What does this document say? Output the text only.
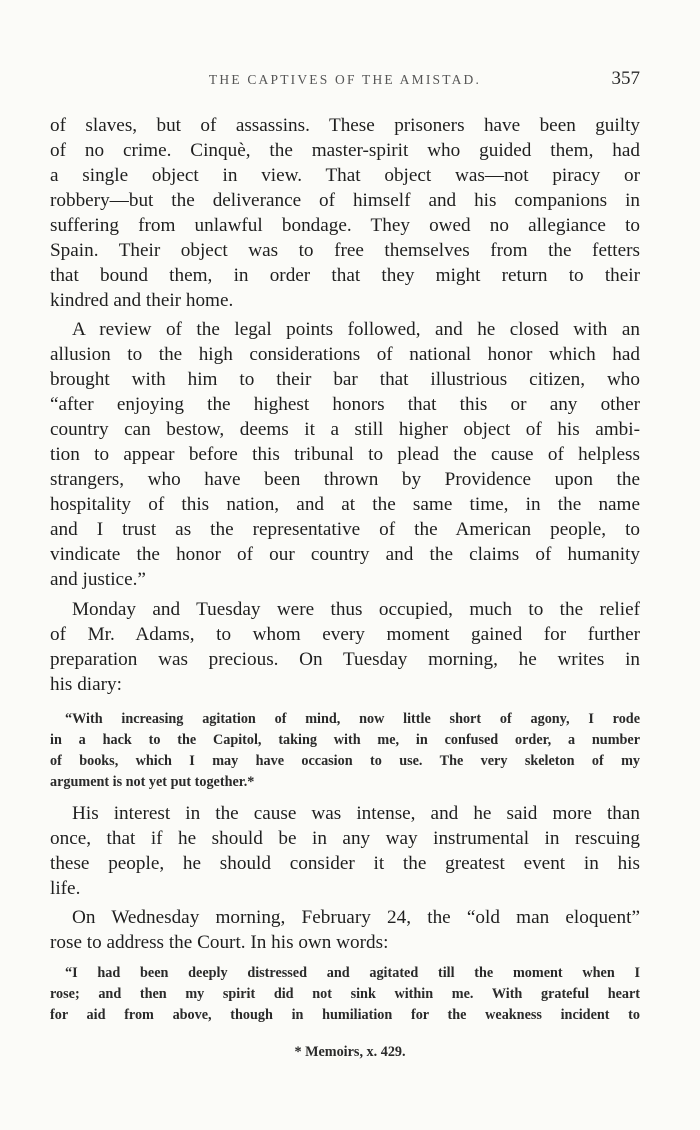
THE CAPTIVES OF THE AMISTAD.	357
of slaves, but of assassins. These prisoners have been guilty
of no crime. Cinquè, the master-spirit who guided them, had
a single object in view. That object was—not piracy or
robbery—but the deliverance of himself and his companions in
suffering from unlawful bondage. They owed no allegiance to
Spain. Their object was to free themselves from the fetters
that bound them, in order that they might return to their
kindred and their home.
A review of the legal points followed, and he closed with an
allusion to the high considerations of national honor which had
brought with him to their bar that illustrious citizen, who
“after enjoying the highest honors that this or any other
country can bestow, deems it a still higher object of his ambi-
tion to appear before this tribunal to plead the cause of helpless
strangers, who have been thrown by Providence upon the
hospitality of this nation, and at the same time, in the name
and I trust as the representative of the American people, to
vindicate the honor of our country and the claims of humanity
and justice.”
Monday and Tuesday were thus occupied, much to the relief
of Mr. Adams, to whom every moment gained for further
preparation was precious. On Tuesday morning, he writes in
his diary:
“With increasing agitation of mind, now little short of agony, I rode
in a hack to the Capitol, taking with me, in confused order, a number
of books, which I may have occasion to use. The very skeleton of my
argument is not yet put together.*
His interest in the cause was intense, and he said more than
once, that if he should be in any way instrumental in rescuing
these people, he should consider it the greatest event in his
life.
On Wednesday morning, February 24, the “old man eloquent”
rose to address the Court. In his own words:
“I had been deeply distressed and agitated till the moment when I
rose; and then my spirit did not sink within me. With grateful heart
for aid from above, though in humiliation for the weakness incident to
* Memoirs, x. 429.
